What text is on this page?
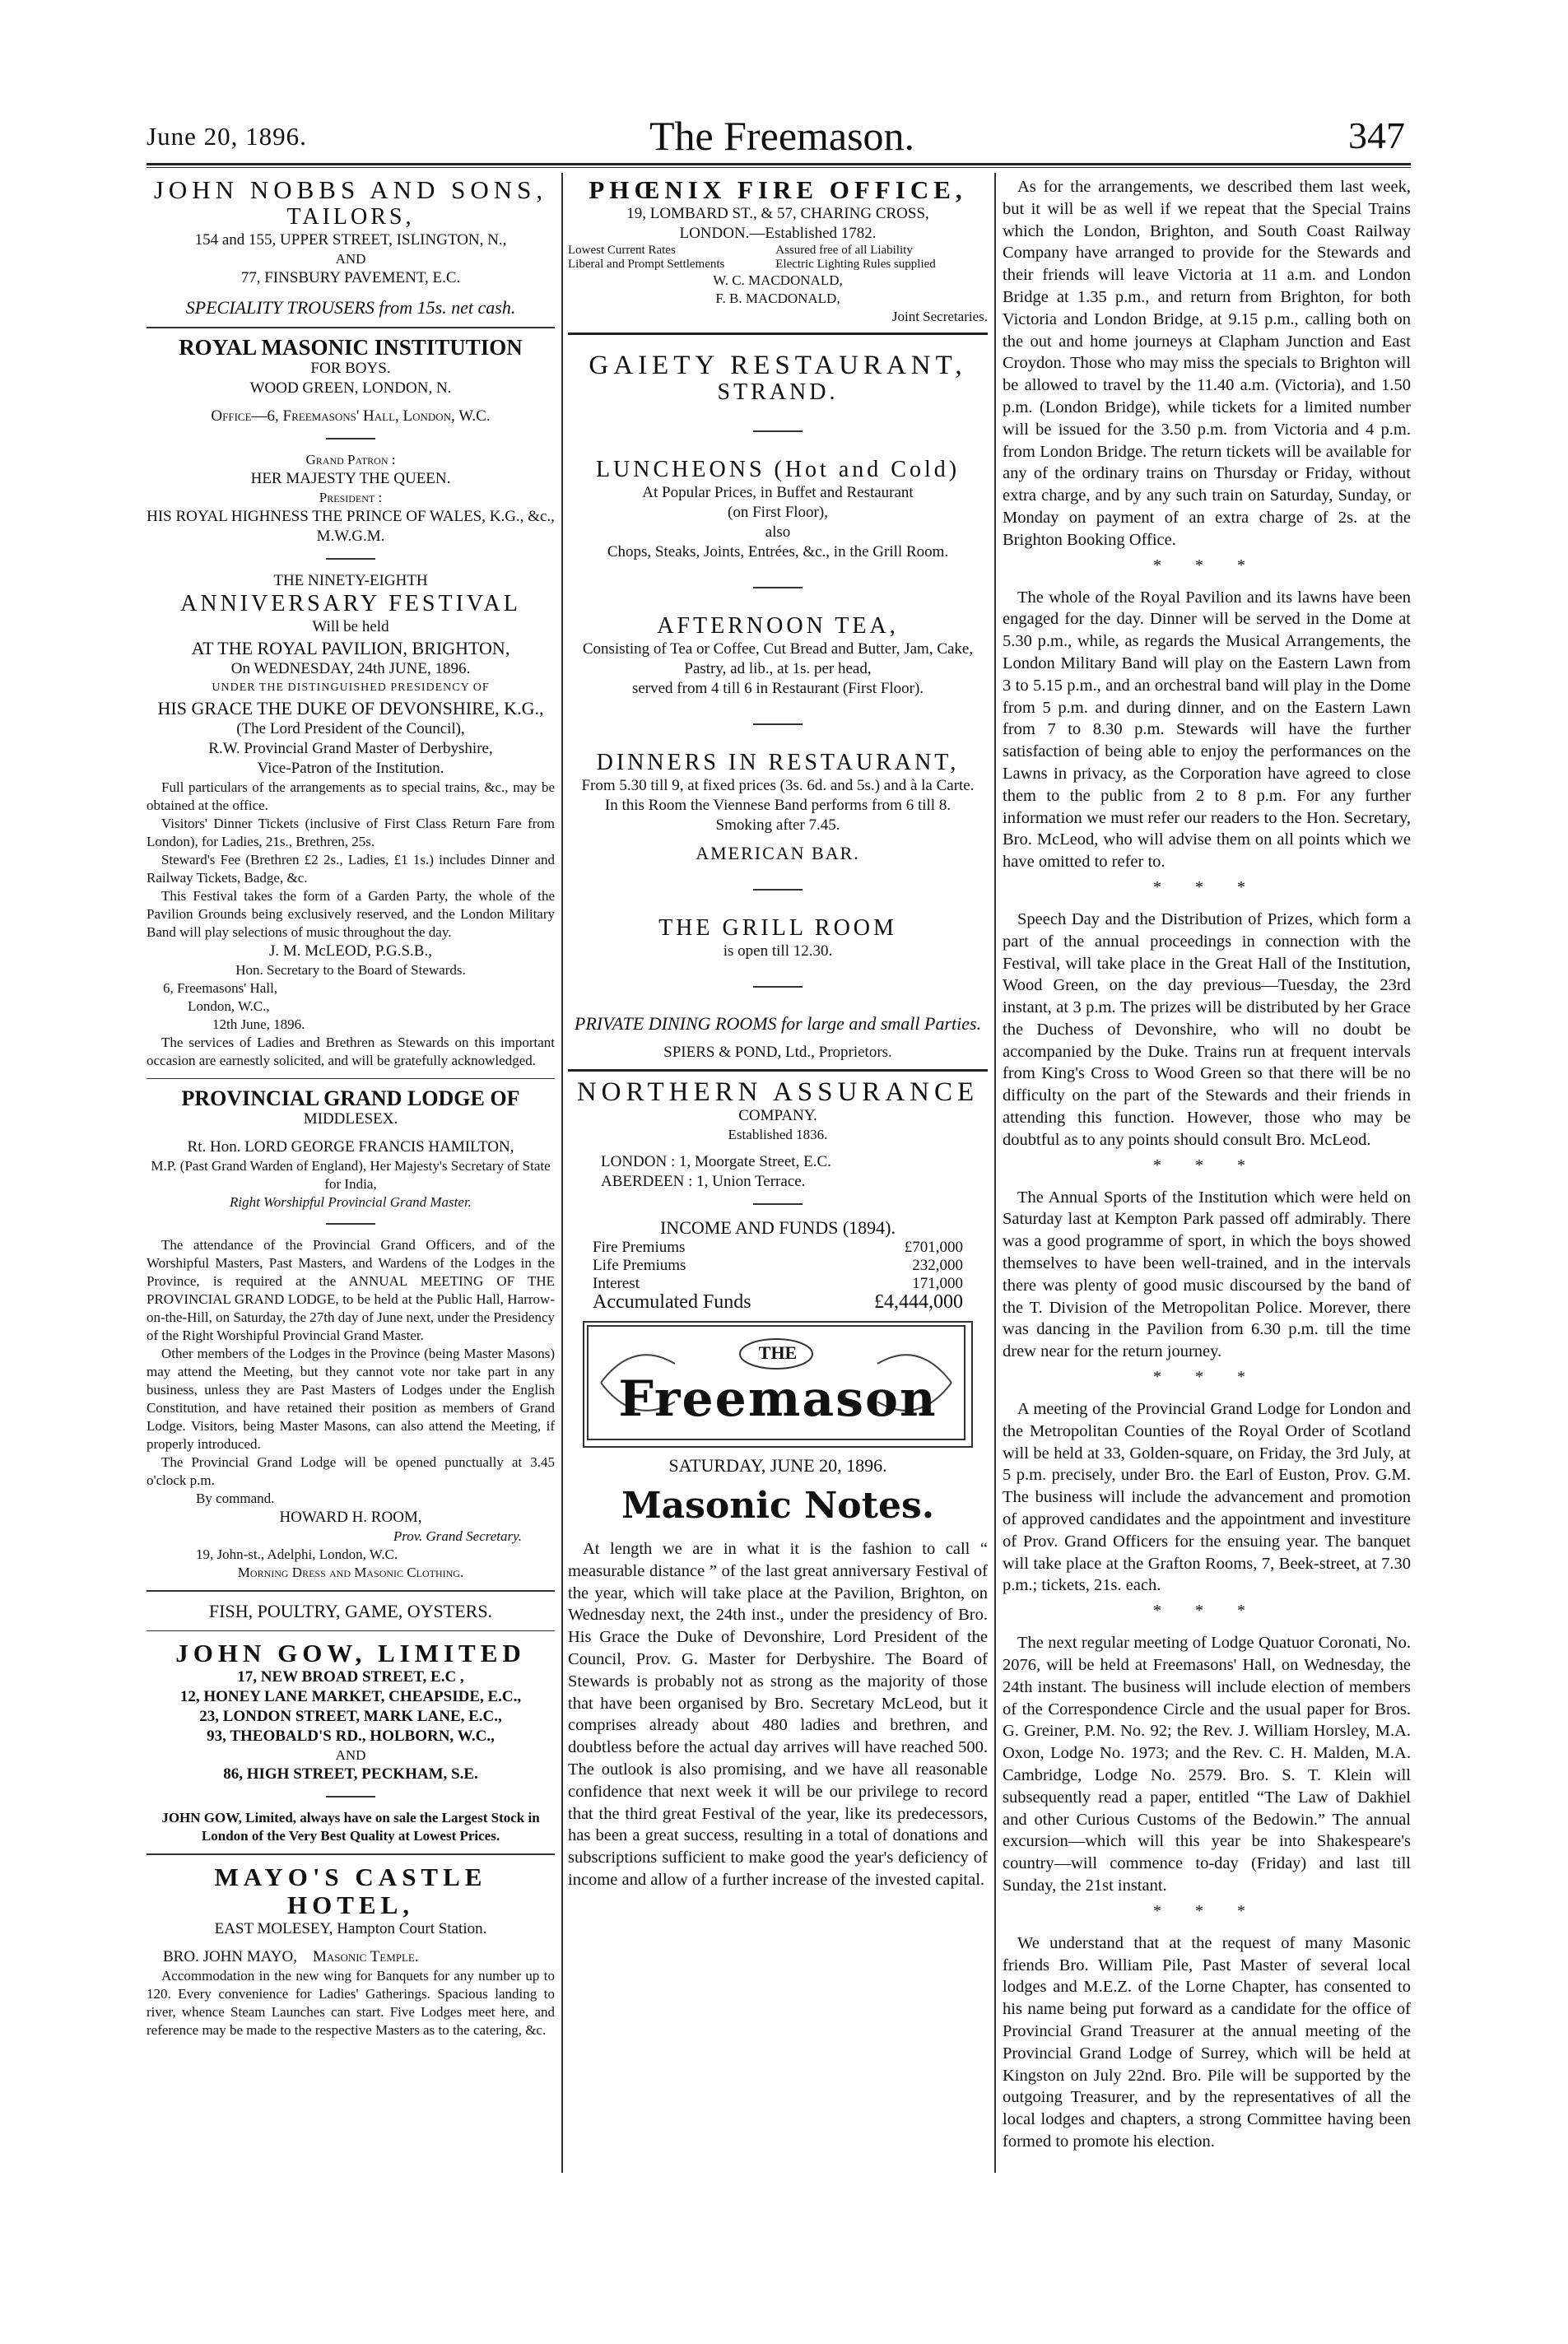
June 20, 1896.	The Freemason.	347

JOHN NOBBS AND SONS,

TAILORS,

154 and 155, UPPER STREET, ISLINGTON, N.,

AND

77, FINSBURY PAVEMENT, E.C.

SPECIALITY TROUSERS from 15s. net cash.

ROYAL MASONIC INSTITUTION

FOR BOYS.

WOOD GREEN, LONDON, N.

Office—6, Freemasons' Hall, London, W.C.

Grand Patron :

HER MAJESTY THE QUEEN.

President :

HIS ROYAL HIGHNESS THE PRINCE OF WALES, K.G., &c., M.W.G.M.

THE NINETY-EIGHTH

ANNIVERSARY FESTIVAL

Will be held

AT THE ROYAL PAVILION, BRIGHTON,

On WEDNESDAY, 24th JUNE, 1896.

UNDER THE DISTINGUISHED PRESIDENCY OF

HIS GRACE THE DUKE OF DEVONSHIRE, K.G.,

(The Lord President of the Council),

R.W. Provincial Grand Master of Derbyshire,

Vice-Patron of the Institution.

Full particulars of the arrangements as to special trains, &c., may be obtained at the office.

Visitors' Dinner Tickets (inclusive of First Class Return Fare from London), for Ladies, 21s., Brethren, 25s.

Steward's Fee (Brethren £2 2s., Ladies, £1 1s.) includes Dinner and Railway Tickets, Badge, &c.

This Festival takes the form of a Garden Party, the whole of the Pavilion Grounds being exclusively reserved, and the London Military Band will play selections of music throughout the day.

J. M. McLEOD, P.G.S.B.,

Hon. Secretary to the Board of Stewards.

6, Freemasons' Hall,

London, W.C.,

12th June, 1896.

The services of Ladies and Brethren as Stewards on this important occasion are earnestly solicited, and will be gratefully acknowledged.

PROVINCIAL GRAND LODGE OF

MIDDLESEX.

Rt. Hon. LORD GEORGE FRANCIS HAMILTON,

M.P. (Past Grand Warden of England), Her Majesty's Secretary of State for India,

Right Worshipful Provincial Grand Master.

The attendance of the Provincial Grand Officers, and of the Worshipful Masters, Past Masters, and Wardens of the Lodges in the Province, is required at the ANNUAL MEETING OF THE PROVINCIAL GRAND LODGE, to be held at the Public Hall, Harrow-on-the-Hill, on Saturday, the 27th day of June next, under the Presidency of the Right Worshipful Provincial Grand Master.

Other members of the Lodges in the Province (being Master Masons) may attend the Meeting, but they cannot vote nor take part in any business, unless they are Past Masters of Lodges under the English Constitution, and have retained their position as members of Grand Lodge. Visitors, being Master Masons, can also attend the Meeting, if properly introduced.

The Provincial Grand Lodge will be opened punctually at 3.45 o'clock p.m.

By command.

HOWARD H. ROOM,

Prov. Grand Secretary.

19, John-st., Adelphi, London, W.C.

Morning Dress and Masonic Clothing.

FISH, POULTRY, GAME, OYSTERS.

JOHN GOW, LIMITED

17, NEW BROAD STREET, E.C ,

12, HONEY LANE MARKET, CHEAPSIDE, E.C.,

23, LONDON STREET, MARK LANE, E.C.,

93, THEOBALD'S RD., HOLBORN, W.C.,

AND

86, HIGH STREET, PECKHAM, S.E.

JOHN GOW, Limited, always have on sale the Largest Stock in London of the Very Best Quality at Lowest Prices.

MAYO'S CASTLE HOTEL,

EAST MOLESEY, Hampton Court Station.

BRO. JOHN MAYO, Masonic Temple.

Accommodation in the new wing for Banquets for any number up to 120. Every convenience for Ladies' Gatherings. Spacious landing to river, whence Steam Launches can start. Five Lodges meet here, and reference may be made to the respective Masters as to the catering, &c.

PHŒNIX FIRE OFFICE,

19, LOMBARD ST., & 57, CHARING CROSS,

LONDON.—Established 1782.

Lowest Current Rates	Assured free of all Liability
Liberal and Prompt Settlements	Electric Lighting Rules supplied

W. C. MACDONALD,

F. B. MACDONALD,

Joint Secretaries.

GAIETY RESTAURANT,

STRAND.

LUNCHEONS (Hot and Cold)

At Popular Prices, in Buffet and Restaurant

(on First Floor),

also

Chops, Steaks, Joints, Entrées, &c., in the Grill Room.

AFTERNOON TEA,

Consisting of Tea or Coffee, Cut Bread and Butter, Jam, Cake, Pastry, ad lib., at 1s. per head,

served from 4 till 6 in Restaurant (First Floor).

DINNERS IN RESTAURANT,

From 5.30 till 9, at fixed prices (3s. 6d. and 5s.) and à la Carte.

In this Room the Viennese Band performs from 6 till 8.

Smoking after 7.45.

AMERICAN BAR.

THE GRILL ROOM

is open till 12.30.

PRIVATE DINING ROOMS for large and small Parties.

SPIERS & POND, Ltd., Proprietors.

NORTHERN ASSURANCE

COMPANY.

Established 1836.

LONDON : 1, Moorgate Street, E.C.

ABERDEEN : 1, Union Terrace.

INCOME AND FUNDS (1894).

Fire Premiums	£701,000
Life Premiums	232,000
Interest	171,000
Accumulated Funds	£4,444,000
THE
Freemason

SATURDAY, JUNE 20, 1896.

Masonic Notes.

At length we are in what it is the fashion to call “ measurable distance ” of the last great anniversary Festival of the year, which will take place at the Pavilion, Brighton, on Wednesday next, the 24th inst., under the presidency of Bro. His Grace the Duke of Devonshire, Lord President of the Council, Prov. G. Master for Derbyshire. The Board of Stewards is probably not as strong as the majority of those that have been organised by Bro. Secretary McLeod, but it comprises already about 480 ladies and brethren, and doubtless before the actual day arrives will have reached 500. The outlook is also promising, and we have all reasonable confidence that next week it will be our privilege to record that the third great Festival of the year, like its predecessors, has been a great success, resulting in a total of donations and subscriptions sufficient to make good the year's deficiency of income and allow of a further increase of the invested capital.

As for the arrangements, we described them last week, but it will be as well if we repeat that the Special Trains which the London, Brighton, and South Coast Railway Company have arranged to provide for the Stewards and their friends will leave Victoria at 11 a.m. and London Bridge at 1.35 p.m., and return from Brighton, for both Victoria and London Bridge, at 9.15 p.m., calling both on the out and home journeys at Clapham Junction and East Croydon. Those who may miss the specials to Brighton will be allowed to travel by the 11.40 a.m. (Victoria), and 1.50 p.m. (London Bridge), while tickets for a limited number will be issued for the 3.50 p.m. from Victoria and 4 p.m. from London Bridge. The return tickets will be available for any of the ordinary trains on Thursday or Friday, without extra charge, and by any such train on Saturday, Sunday, or Monday on payment of an extra charge of 2s. at the Brighton Booking Office.

* * *

The whole of the Royal Pavilion and its lawns have been engaged for the day. Dinner will be served in the Dome at 5.30 p.m., while, as regards the Musical Arrangements, the London Military Band will play on the Eastern Lawn from 3 to 5.15 p.m., and an orchestral band will play in the Dome from 5 p.m. and during dinner, and on the Eastern Lawn from 7 to 8.30 p.m. Stewards will have the further satisfaction of being able to enjoy the performances on the Lawns in privacy, as the Corporation have agreed to close them to the public from 2 to 8 p.m. For any further information we must refer our readers to the Hon. Secretary, Bro. McLeod, who will advise them on all points which we have omitted to refer to.

* * *

Speech Day and the Distribution of Prizes, which form a part of the annual proceedings in connection with the Festival, will take place in the Great Hall of the Institution, Wood Green, on the day previous—Tuesday, the 23rd instant, at 3 p.m. The prizes will be distributed by her Grace the Duchess of Devonshire, who will no doubt be accompanied by the Duke. Trains run at frequent intervals from King's Cross to Wood Green so that there will be no difficulty on the part of the Stewards and their friends in attending this function. However, those who may be doubtful as to any points should consult Bro. McLeod.

* * *

The Annual Sports of the Institution which were held on Saturday last at Kempton Park passed off admirably. There was a good programme of sport, in which the boys showed themselves to have been well-trained, and in the intervals there was plenty of good music discoursed by the band of the T. Division of the Metropolitan Police. Morever, there was dancing in the Pavilion from 6.30 p.m. till the time drew near for the return journey.

* * *

A meeting of the Provincial Grand Lodge for London and the Metropolitan Counties of the Royal Order of Scotland will be held at 33, Golden-square, on Friday, the 3rd July, at 5 p.m. precisely, under Bro. the Earl of Euston, Prov. G.M. The business will include the advancement and promotion of approved candidates and the appointment and investiture of Prov. Grand Officers for the ensuing year. The banquet will take place at the Grafton Rooms, 7, Beek-street, at 7.30 p.m.; tickets, 21s. each.

* * *

The next regular meeting of Lodge Quatuor Coronati, No. 2076, will be held at Freemasons' Hall, on Wednesday, the 24th instant. The business will include election of members of the Correspondence Circle and the usual paper for Bros. G. Greiner, P.M. No. 92; the Rev. J. William Horsley, M.A. Oxon, Lodge No. 1973; and the Rev. C. H. Malden, M.A. Cambridge, Lodge No. 2579. Bro. S. T. Klein will subsequently read a paper, entitled “The Law of Dakhiel and other Curious Customs of the Bedowin.” The annual excursion—which will this year be into Shakespeare's country—will commence to-day (Friday) and last till Sunday, the 21st instant.

* * *

We understand that at the request of many Masonic friends Bro. William Pile, Past Master of several local lodges and M.E.Z. of the Lorne Chapter, has consented to his name being put forward as a candidate for the office of Provincial Grand Treasurer at the annual meeting of the Provincial Grand Lodge of Surrey, which will be held at Kingston on July 22nd. Bro. Pile will be supported by the outgoing Treasurer, and by the representatives of all the local lodges and chapters, a strong Committee having been formed to promote his election.
